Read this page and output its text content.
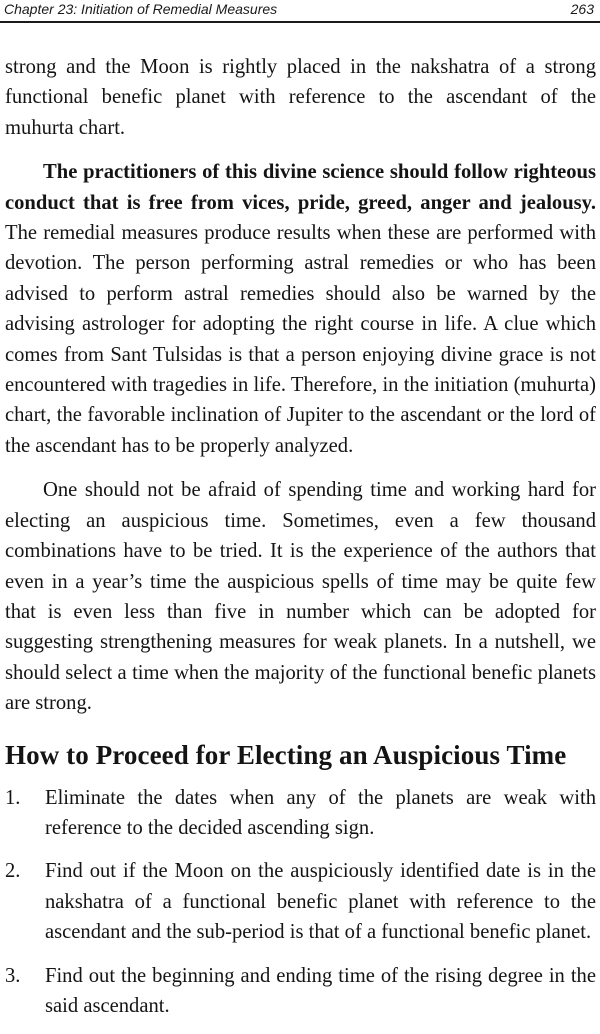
Chapter 23: Initiation of Remedial Measures	263

strong and the Moon is rightly placed in the nakshatra of a strong functional benefic planet with reference to the ascendant of the muhurta chart.

The practitioners of this divine science should follow righteous conduct that is free from vices, pride, greed, anger and jealousy. The remedial measures produce results when these are performed with devotion. The person performing astral remedies or who has been advised to perform astral remedies should also be warned by the advising astrologer for adopting the right course in life. A clue which comes from Sant Tulsidas is that a person enjoying divine grace is not encountered with tragedies in life. Therefore, in the initiation (muhurta) chart, the favorable inclination of Jupiter to the ascendant or the lord of the ascendant has to be properly analyzed.

One should not be afraid of spending time and working hard for electing an auspicious time. Sometimes, even a few thousand combinations have to be tried. It is the experience of the authors that even in a year’s time the auspicious spells of time may be quite few that is even less than five in number which can be adopted for suggesting strengthening measures for weak planets. In a nutshell, we should select a time when the majority of the functional benefic planets are strong.

How to Proceed for Electing an Auspicious Time
1. Eliminate the dates when any of the planets are weak with reference to the decided ascending sign.
2. Find out if the Moon on the auspiciously identified date is in the nakshatra of a functional benefic planet with reference to the ascendant and the sub-period is that of a functional benefic planet.
3. Find out the beginning and ending time of the rising degree in the said ascendant.
